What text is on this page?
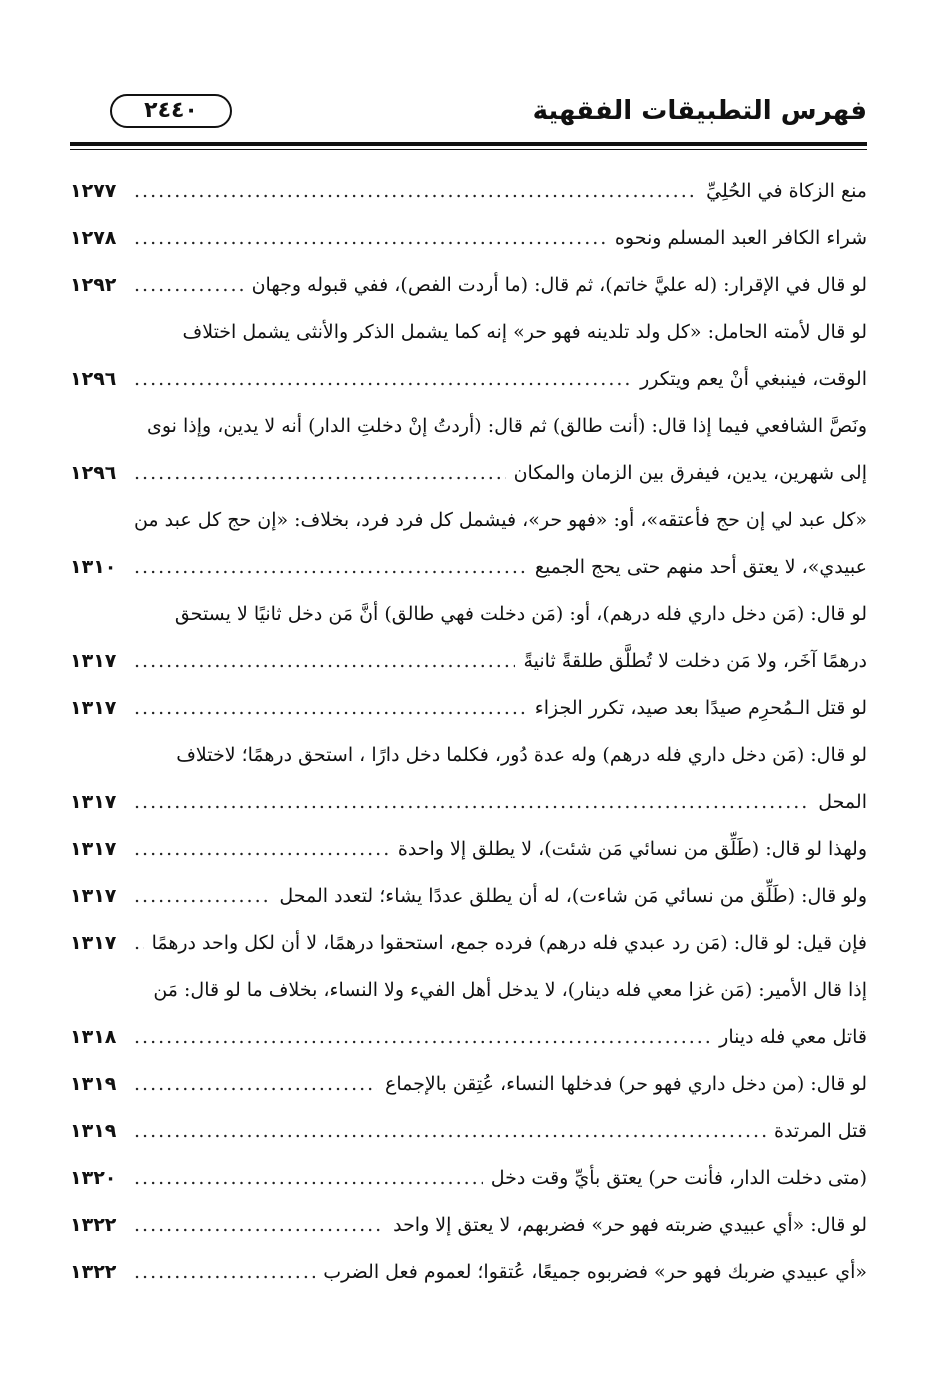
فهرس التطبيقات الفقهية
٢٤٤٠
منع الزكاة في الحُلِيِّ
.....
١٢٧٧
شراء الكافر العبد المسلم ونحوه
.....
١٢٧٨
لو قال في الإقرار: (له عليَّ خاتم)، ثم قال: (ما أردت الفص)، ففي قبوله وجهان
.....
١٢٩٢
لو قال لأمته الحامل: «كل ولد تلدينه فهو حر» إنه كما يشمل الذكر والأنثى يشمل اختلاف
الوقت، فينبغي أنْ يعم ويتكرر
.....
١٢٩٦
ونَصَّ الشافعي فيما إذا قال: (أنت طالق) ثم قال: (أردتُ إنْ دخلتِ الدار) أنه لا يدين، وإذا نوى
إلى شهرين، يدين، فيفرق بين الزمان والمكان
.....
١٢٩٦
«كل عبد لي إن حج فأعتقه»، أو: «فهو حر»، فيشمل كل فرد فرد، بخلاف: «إن حج كل عبد من
عبيدي»، لا يعتق أحد منهم حتى يحج الجميع
.....
١٣١٠
لو قال: (مَن دخل داري فله درهم)، أو: (مَن دخلت فهي طالق) أنَّ مَن دخل ثانيًا لا يستحق
درهمًا آخَر، ولا مَن دخلت لا تُطلَّق طلقةً ثانيةً
.....
١٣١٧
لو قتل الـمُحرِم صيدًا بعد صيد، تكرر الجزاء
.....
١٣١٧
لو قال: (مَن دخل داري فله درهم) وله عدة دُور، فكلما دخل دارًا ، استحق درهمًا؛ لاختلاف
المحل
.....
١٣١٧
ولهذا لو قال: (طَلِّق من نسائي مَن شئت)، لا يطلق إلا واحدة
.....
١٣١٧
ولو قال: (طَلِّق من نسائي مَن شاءت)، له أن يطلق عددًا يشاء؛ لتعدد المحل
.....
١٣١٧
فإن قيل: لو قال: (مَن رد عبدي فله درهم) فرده جمع، استحقوا درهمًا، لا أن لكل واحد درهمًا
.....
١٣١٧
إذا قال الأمير: (مَن غزا معي فله دينار)، لا يدخل أهل الفيء ولا النساء، بخلاف ما لو قال: مَن
قاتل معي فله دينار
.....
١٣١٨
لو قال: (من دخل داري فهو حر) فدخلها النساء، عُتِقن بالإجماع
.....
١٣١٩
قتل المرتدة
.....
١٣١٩
(متى دخلت الدار، فأنت حر) يعتق بأيِّ وقت دخل
.....
١٣٢٠
لو قال: «أي عبيدي ضربته فهو حر» فضربهم، لا يعتق إلا واحد
.....
١٣٢٢
«أي عبيدي ضربك فهو حر» فضربوه جميعًا، عُتقوا؛ لعموم فعل الضرب
.....
١٣٢٢
